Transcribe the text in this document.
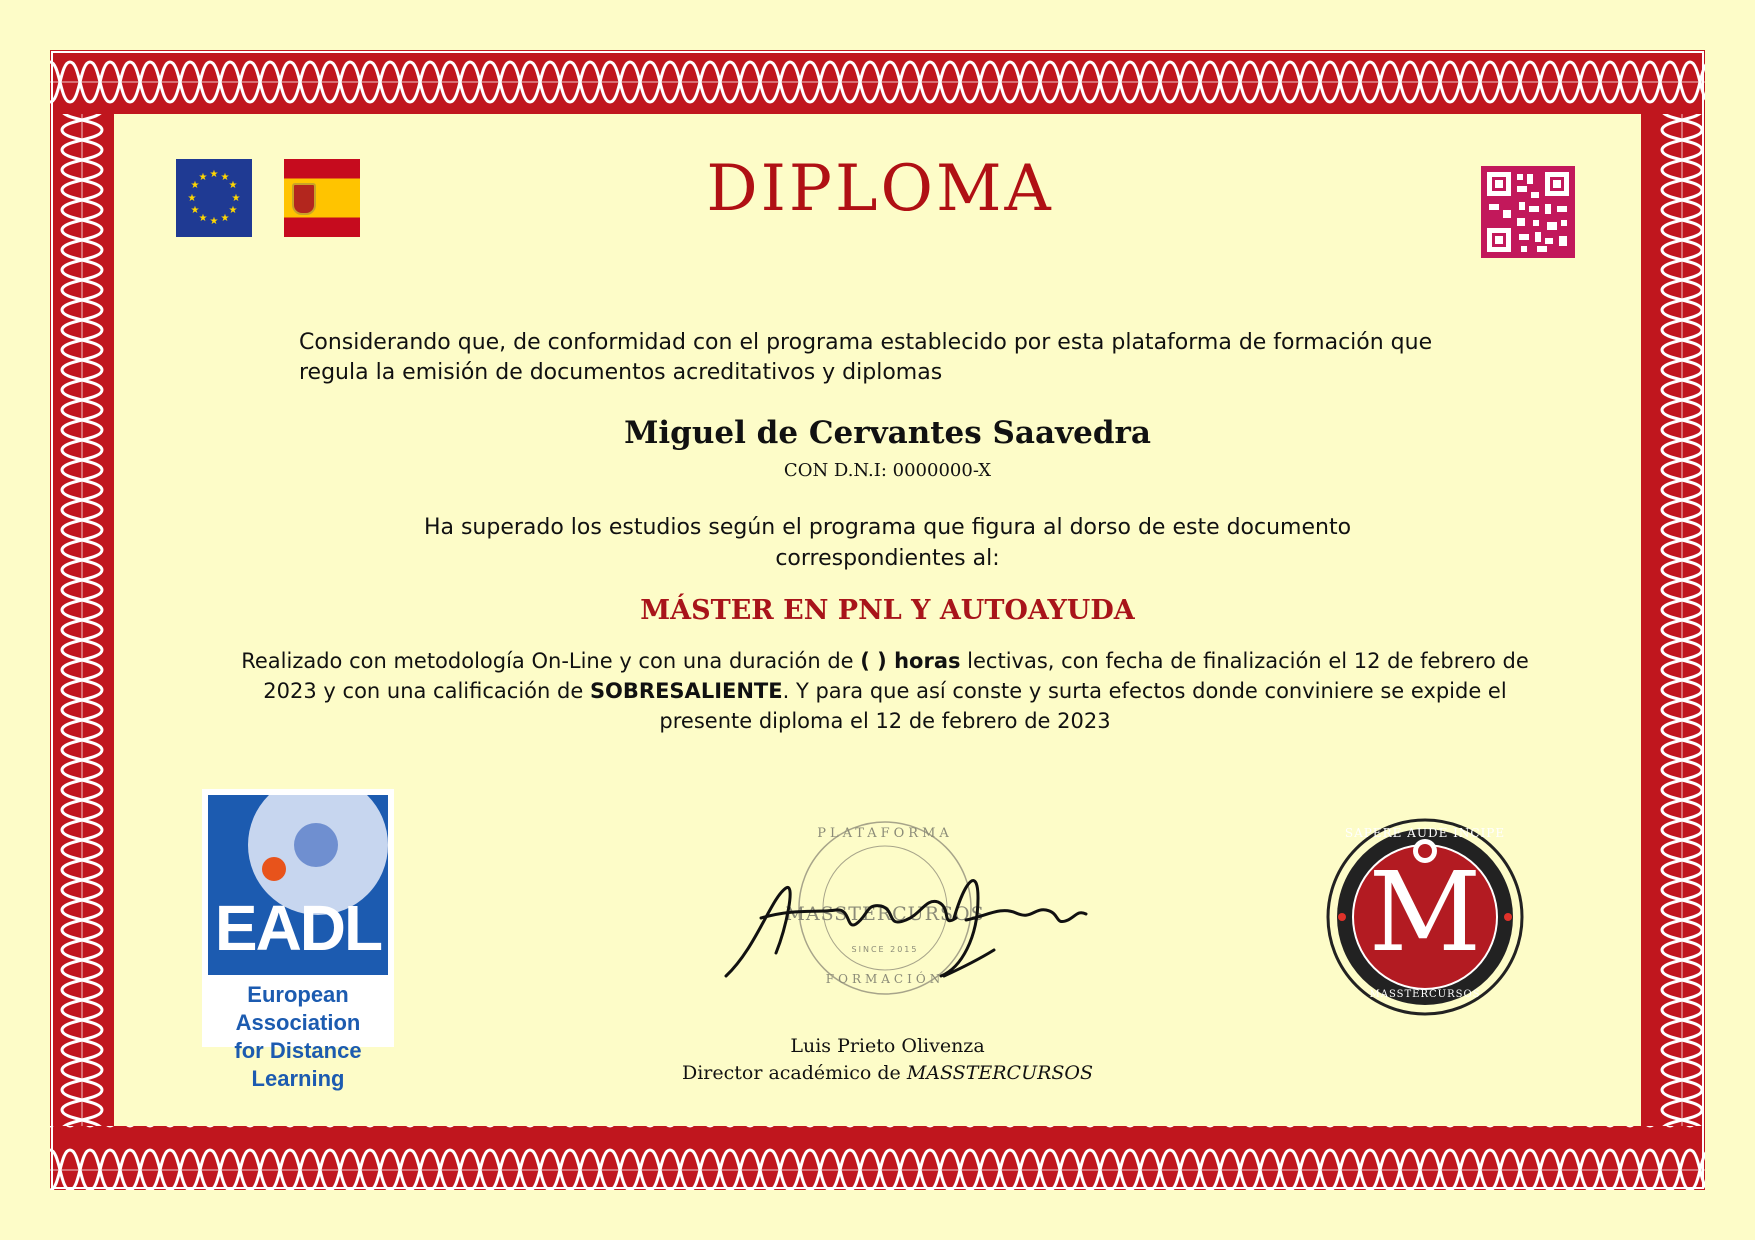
★ ★
★
★
★
★
★
★
★
★
★
★	DIPLOMA
Considerando que, de conformidad con el programa establecido por esta plataforma de formación que regula la emisión de documentos acreditativos y diplomas
Miguel de Cervantes Saavedra
CON D.N.I: 0000000-X
Ha superado los estudios según el programa que figura al dorso de este documento correspondientes al:
MÁSTER EN PNL Y AUTOAYUDA
Realizado con metodología On-Line y con una duración de ( ) horas lectivas, con fecha de finalización el 12 de febrero de 2023 y con una calificación de SOBRESALIENTE. Y para que así conste y surta efectos donde conviniere se expide el presente diploma el 12 de febrero de 2023
EADL
European Association
for Distance Learning
PLATAFORMA
MASSTERCURSOS
SINCE 2015
FORMACIÓN
Luis Prieto Olivenza
Director académico de MASSTERCURSOS
SAPERE AUDE INCIPE
M
MASSTERCURSOS
